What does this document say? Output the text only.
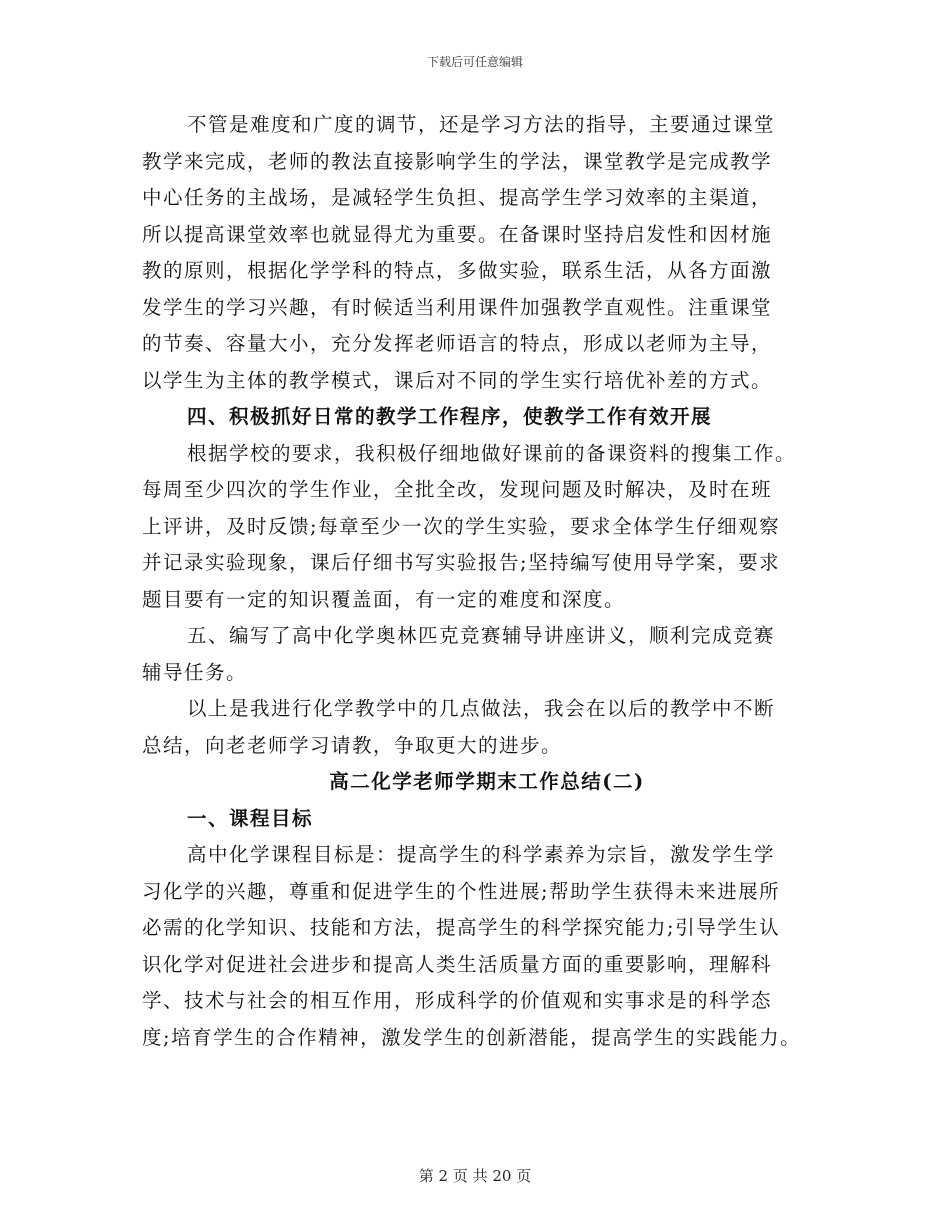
下载后可任意编辑
不管是难度和广度的调节，还是学习方法的指导，主要通过课堂
教学来完成，老师的教法直接影响学生的学法，课堂教学是完成教学
中心任务的主战场，是减轻学生负担、提高学生学习效率的主渠道，
所以提高课堂效率也就显得尤为重要。在备课时坚持启发性和因材施
教的原则，根据化学学科的特点，多做实验，联系生活，从各方面激
发学生的学习兴趣，有时候适当利用课件加强教学直观性。注重课堂
的节奏、容量大小，充分发挥老师语言的特点，形成以老师为主导，
以学生为主体的教学模式，课后对不同的学生实行培优补差的方式。
四、积极抓好日常的教学工作程序，使教学工作有效开展
根据学校的要求，我积极仔细地做好课前的备课资料的搜集工作。
每周至少四次的学生作业，全批全改，发现问题及时解决，及时在班
上评讲，及时反馈;每章至少一次的学生实验，要求全体学生仔细观察
并记录实验现象，课后仔细书写实验报告;坚持编写使用导学案，要求
题目要有一定的知识覆盖面，有一定的难度和深度。
五、编写了高中化学奥林匹克竞赛辅导讲座讲义，顺利完成竞赛
辅导任务。
以上是我进行化学教学中的几点做法，我会在以后的教学中不断
总结，向老老师学习请教，争取更大的进步。
高二化学老师学期末工作总结(二)
一、课程目标
高中化学课程目标是：提高学生的科学素养为宗旨，激发学生学
习化学的兴趣，尊重和促进学生的个性进展;帮助学生获得未来进展所
必需的化学知识、技能和方法，提高学生的科学探究能力;引导学生认
识化学对促进社会进步和提高人类生活质量方面的重要影响，理解科
学、技术与社会的相互作用，形成科学的价值观和实事求是的科学态
度;培育学生的合作精神，激发学生的创新潜能，提高学生的实践能力。
第 2 页 共 20 页
